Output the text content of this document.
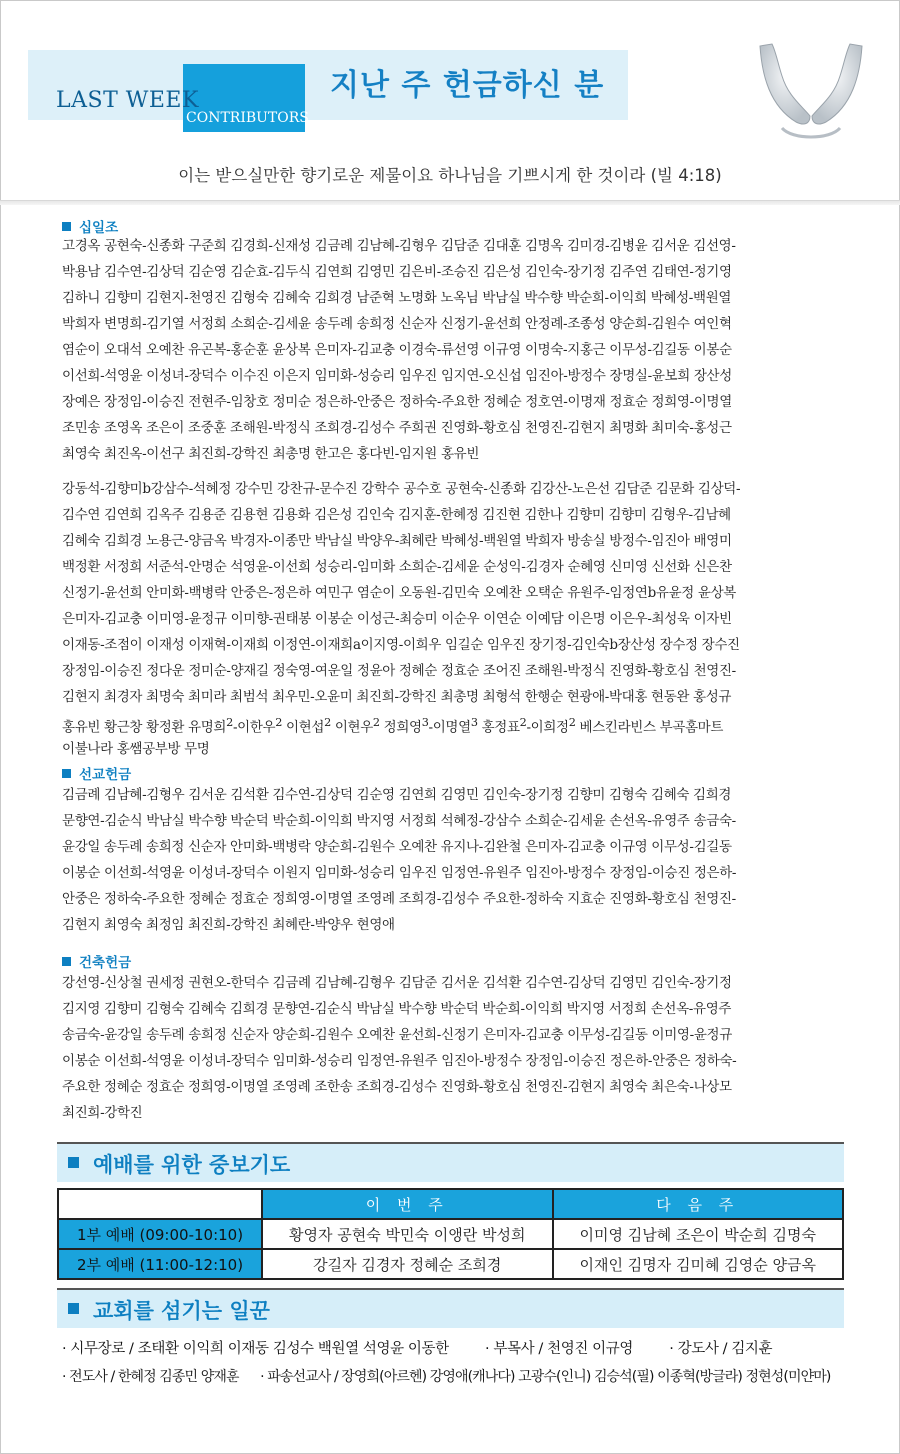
LAST WEEK
CONTRIBUTORS
지난 주 헌금하신 분
이는 받으실만한 향기로운 제물이요 하나님을 기쁘시게 한 것이라 (빌 4:18)
십일조
고경옥 공현숙-신종화 구준희 김경희-신재성 김금례 김남혜-김형우 김담준 김대훈 김명옥 김미경-김병윤 김서운 김선영-
박용남 김수연-김상덕 김순영 김순효-김두식 김연희 김영민 김은비-조승진 김은성 김인숙-장기정 김주연 김태연-정기영
김하니 김향미 김현지-천영진 김형숙 김혜숙 김희경 남준혁 노명화 노옥님 박남실 박수향 박순희-이익희 박혜성-백원열
박희자 변명희-김기열 서정희 소희순-김세윤 송두례 송희정 신순자 신정기-윤선희 안정례-조종성 양순희-김원수 여인혁
염순이 오대석 오예찬 유곤복-홍순훈 윤상복 은미자-김교충 이경숙-류선영 이규영 이명숙-지홍근 이무성-김길동 이봉순
이선희-석영윤 이성녀-장덕수 이수진 이은지 임미화-성승리 임우진 임지연-오신섭 임진아-방정수 장명실-윤보희 장산성
장예은 장정임-이승진 전현주-임창호 정미순 정은하-안중은 정하숙-주요한 정혜순 정호연-이명재 정효순 정희영-이명열
조민송 조영옥 조은이 조중훈 조해원-박정식 조희경-김성수 주희권 진영화-황호심 천영진-김현지 최명화 최미숙-홍성근
최영숙 최진옥-이선구 최진희-강학진 최총명 한고은 홍다빈-임지원 홍유빈
강동석-김향미b강삼수-석혜정 강수민 강찬규-문수진 강학수 공수호 공현숙-신종화 김강산-노은선 김담준 김문화 김상덕-
김수연 김연희 김옥주 김용준 김용현 김용화 김은성 김인숙 김지훈-한혜정 김진현 김한나 김향미 김향미 김형우-김남혜
김혜숙 김희경 노용근-양금옥 박경자-이종만 박남실 박양우-최혜란 박혜성-백원열 박희자 방송실 방정수-임진아 배영미
백정환 서정희 서준석-안명순 석영윤-이선희 성승리-임미화 소희순-김세윤 순성익-김경자 순혜영 신미영 신선화 신은찬
신정기-윤선희 안미화-백병락 안중은-정은하 여민구 염순이 오동원-김민숙 오예찬 오택순 유원주-임정연b유윤정 윤상복
은미자-김교충 이미영-윤정규 이미향-권태봉 이봉순 이성근-최승미 이순우 이연순 이예담 이은명 이은우-최성욱 이자빈
이재동-조점이 이재성 이재혁-이재희 이정연-이재희a이지영-이희우 임길순 임우진 장기정-김인숙b장산성 장수정 장수진
장정임-이승진 정다운 정미순-양재길 정숙영-여운일 정윤아 정혜순 정효순 조어진 조해원-박정식 진영화-황호심 천영진-
김현지 최경자 최명숙 최미라 최범석 최우민-오윤미 최진희-강학진 최총명 최형석 한행순 현광애-박대홍 현동완 홍성규
홍유빈 황근창 황정환 유명희$^2$-이한우$^2$ 이현섭$^2$ 이현우$^2$ 정희영$^3$-이명열$^3$ 홍정표$^2$-이희정$^2$ 베스킨라빈스 부곡홈마트
이불나라 홍쌤공부방 무명
선교헌금
김금례 김남혜-김형우 김서운 김석환 김수연-김상덕 김순영 김연희 김영민 김인숙-장기정 김향미 김형숙 김혜숙 김희경
문향연-김순식 박남실 박수향 박순덕 박순희-이익희 박지영 서정희 석혜정-강삼수 소희순-김세윤 손선옥-유영주 송금숙-
윤강일 송두례 송희정 신순자 안미화-백병락 양순희-김원수 오예찬 유지나-김완철 은미자-김교충 이규영 이무성-김길동
이봉순 이선희-석영윤 이성녀-장덕수 이원지 임미화-성승리 임우진 임정연-유원주 임진아-방정수 장정임-이승진 정은하-
안중은 정하숙-주요한 정혜순 정효순 정희영-이명열 조영례 조희경-김성수 주요한-정하숙 지효순 진영화-황호심 천영진-
김현지 최영숙 최정임 최진희-강학진 최혜란-박양우 현영애
건축헌금
강선영-신상철 권세정 권현오-한덕수 김금례 김남혜-김형우 김담준 김서운 김석환 김수연-김상덕 김영민 김인숙-장기정
김지영 김향미 김형숙 김혜숙 김희경 문향연-김순식 박남실 박수향 박순덕 박순희-이익희 박지영 서정희 손선옥-유영주
송금숙-윤강일 송두례 송희정 신순자 양순희-김원수 오예찬 윤선희-신정기 은미자-김교충 이무성-김길동 이미영-윤정규
이봉순 이선희-석영윤 이성녀-장덕수 임미화-성승리 임정연-유원주 임진아-방정수 장정임-이승진 정은하-안중은 정하숙-
주요한 정혜순 정효순 정희영-이명열 조영례 조한송 조희경-김성수 진영화-황호심 천영진-김현지 최영숙 최은숙-나상모
최진희-강학진
예배를 위한 중보기도
	이 번 주	다 음 주
1부 예배 (09:00-10:10)	황영자 공현숙 박민숙 이앵란 박성희	이미영 김남혜 조은이 박순희 김명숙
2부 예배 (11:00-12:10)	강길자 김경자 정혜순 조희경	이재인 김명자 김미혜 김영순 양금옥
교회를 섬기는 일꾼
· 시무장로 / 조태환 이익희 이재동 김성수 백원열 석영윤 이동한 · 부목사 / 천영진 이규영 · 강도사 / 김지훈
· 전도사 / 한혜정 김종민 양재훈 · 파송선교사 / 장영희(아르헨) 강영애(캐나다) 고광수(인니) 김승석(필) 이종혁(방글라) 정현성(미얀마)
